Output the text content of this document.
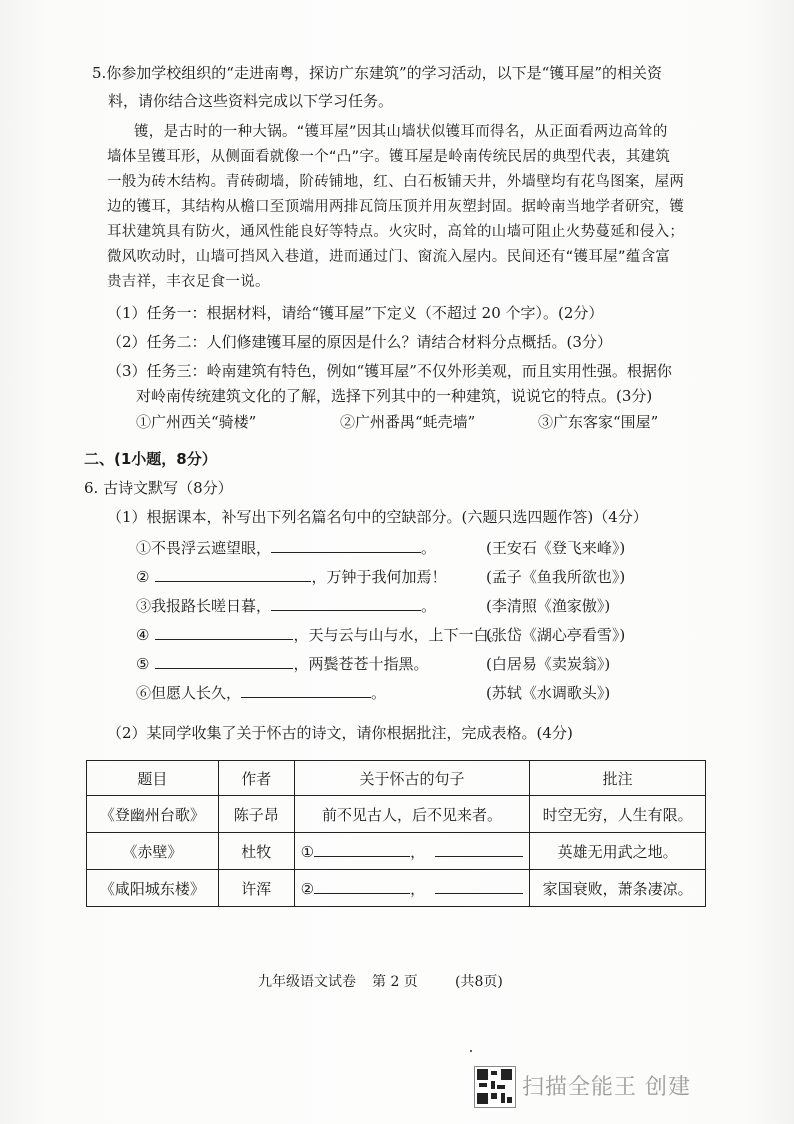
5.你参加学校组织的“走进南粤，探访广东建筑”的学习活动，以下是“镬耳屋”的相关资
料，请你结合这些资料完成以下学习任务。
镬，是古时的一种大锅。“镬耳屋”因其山墙状似镬耳而得名，从正面看两边高耸的
墙体呈镬耳形，从侧面看就像一个“凸”字。镬耳屋是岭南传统民居的典型代表，其建筑
一般为砖木结构。青砖砌墙，阶砖铺地，红、白石板铺天井，外墙壁均有花鸟图案，屋两
边的镬耳，其结构从檐口至顶端用两排瓦筒压顶并用灰塑封固。据岭南当地学者研究，镬
耳状建筑具有防火，通风性能良好等特点。火灾时，高耸的山墙可阻止火势蔓延和侵入；
微风吹动时，山墙可挡风入巷道，进而通过门、窗流入屋内。民间还有“镬耳屋”蕴含富
贵吉祥，丰衣足食一说。
（1）任务一：根据材料，请给“镬耳屋”下定义（不超过 20 个字）。(2分）
（2）任务二：人们修建镬耳屋的原因是什么？请结合材料分点概括。(3分）
（3）任务三：岭南建筑有特色，例如“镬耳屋”不仅外形美观，而且实用性强。根据你
对岭南传统建筑文化的了解，选择下列其中的一种建筑，说说它的特点。(3分)
①广州西关“骑楼”	②广州番禺“蚝壳墙”	③广东客家“围屋”
二、(1小题，8分）
6. 古诗文默写（8分）
（1）根据课本，补写出下列名篇名句中的空缺部分。(六题只选四题作答)（4分）
①不畏浮云遮望眼，	。	(王安石《登飞来峰》)
②	，万钟于我何加焉！	(孟子《鱼我所欲也》)
③我报路长嗟日暮，	。	(李清照《渔家傲》)
④	，天与云与山与水，上下一白。
(张岱《湖心亭看雪》)
⑤	，两鬓苍苍十指黑。	(白居易《卖炭翁》)
⑥但愿人长久，	。	(苏轼《水调歌头》)
（2）某同学收集了关于怀古的诗文，请你根据批注，完成表格。(4分)
题目	作者	关于怀古的句子	批注
《登幽州台歌》	陈子昂	前不见古人，后不见来者。	时空无穷，人生有限。
《赤壁》	杜牧	① ，	英雄无用武之地。
《咸阳城东楼》	许浑	② ，	家国衰败，萧条凄凉。
九年级语文试卷 第 2 页	(共8页)
扫描全能王 创建
